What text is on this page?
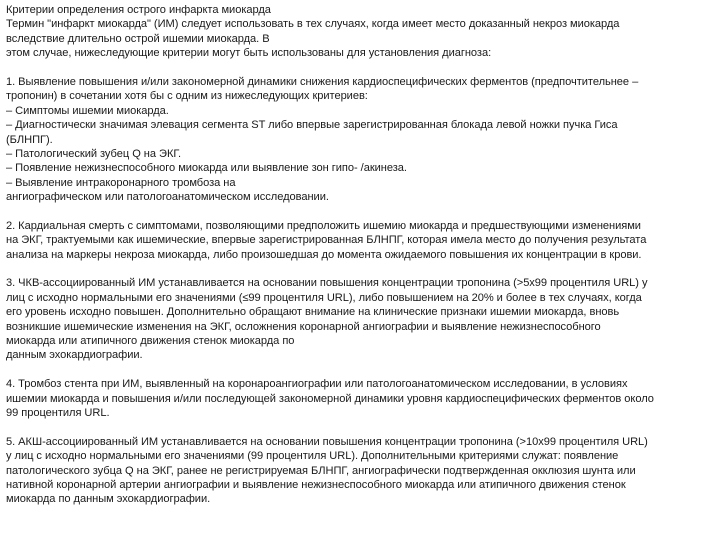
Критерии определения острого инфаркта миокарда
Термин "инфаркт миокарда" (ИМ) следует использовать в тех случаях, когда имеет место доказанный некроз миокарда
вследствие длительно острой ишемии миокарда. В
этом случае, нижеследующие критерии могут быть использованы для установления диагноза:
1. Выявление повышения и/или закономерной динамики снижения кардиоспецифических ферментов (предпочтительнее –
тропонин) в сочетании хотя бы с одним из нижеследующих критериев:
– Симптомы ишемии миокарда.
– Диагностически значимая элевация сегмента ST либо впервые зарегистрированная блокада левой ножки пучка Гиса
(БЛНПГ).
– Патологический зубец Q на ЭКГ.
– Появление нежизнеспособного миокарда или выявление зон гипо- /акинеза.
– Выявление интракоронарного тромбоза на
ангиографическом или патологоанатомическом исследовании.
2. Кардиальная смерть с симптомами, позволяющими предположить ишемию миокарда и предшествующими изменениями
на ЭКГ, трактуемыми как ишемические, впервые зарегистрированная БЛНПГ, которая имела место до получения результата
анализа на маркеры некроза миокарда, либо произошедшая до момента ожидаемого повышения их концентрации в крови.
3. ЧКВ-ассоциированный ИМ устанавливается на основании повышения концентрации тропонина (>5x99 процентиля URL) у
лиц с исходно нормальными его значениями (≤99 процентиля URL), либо повышением на 20% и более в тех случаях, когда
его уровень исходно повышен. Дополнительно обращают внимание на клинические признаки ишемии миокарда, вновь
возникшие ишемические изменения на ЭКГ, осложнения коронарной ангиографии и выявление нежизнеспособного
миокарда или атипичного движения стенок миокарда по
данным эхокардиографии.
4. Тромбоз стента при ИМ, выявленный на коронароангиографии или патологоанатомическом исследовании, в условиях
ишемии миокарда и повышения и/или последующей закономерной динамики уровня кардиоспецифических ферментов около
99 процентиля URL.
5. АКШ-ассоциированный ИМ устанавливается на основании повышения концентрации тропонина (>10x99 процентиля URL)
у лиц с исходно нормальными его значениями (99 процентиля URL). Дополнительными критериями служат: появление
патологического зубца Q на ЭКГ, ранее не регистрируемая БЛНПГ, ангиографически подтвержденная окклюзия шунта или
нативной коронарной артерии ангиографии и выявление нежизнеспособного миокарда или атипичного движения стенок
миокарда по данным эхокардиографии.
